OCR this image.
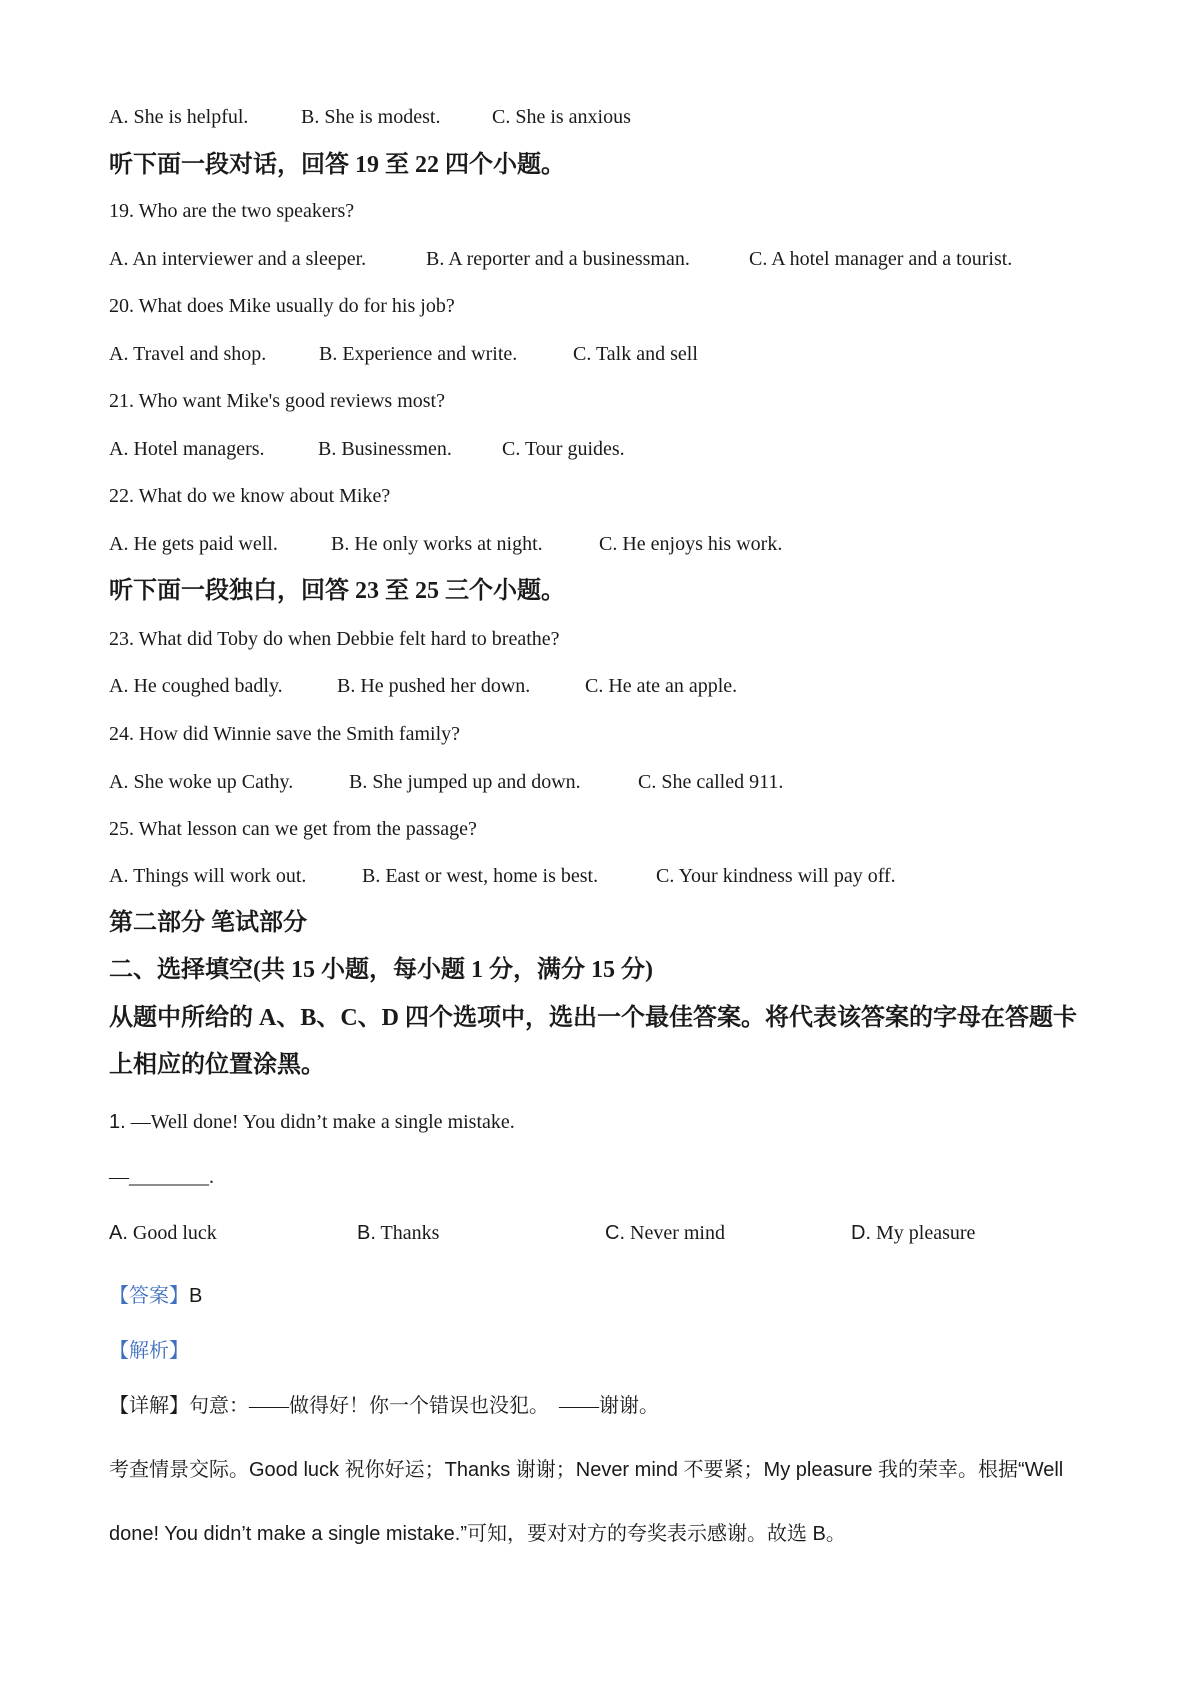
A. She is helpful.	B. She is modest.	C. She is anxious
听下面一段对话，回答 19 至 22 四个小题。
19. Who are the two speakers?
A. An interviewer and a sleeper.	B. A reporter and a businessman.	C. A hotel manager and a tourist.
20. What does Mike usually do for his job?
A. Travel and shop.	B. Experience and write.	C. Talk and sell
21. Who want Mike's good reviews most?
A. Hotel managers.	B. Businessmen.	C. Tour guides.
22. What do we know about Mike?
A. He gets paid well.	B. He only works at night.	C. He enjoys his work.
听下面一段独白，回答 23 至 25 三个小题。
23. What did Toby do when Debbie felt hard to breathe?
A. He coughed badly.	B. He pushed her down.	C. He ate an apple.
24. How did Winnie save the Smith family?
A. She woke up Cathy.	B. She jumped up and down.	C. She called 911.
25. What lesson can we get from the passage?
A. Things will work out.	B. East or west, home is best.	C. Your kindness will pay off.
第二部分 笔试部分
二、选择填空(共 15 小题，每小题 1 分，满分 15 分)
从题中所给的 A、B、C、D 四个选项中，选出一个最佳答案。将代表该答案的字母在答题卡
上相应的位置涂黑。
1. —Well done! You didn’t make a single mistake.
—________.
A. Good luck	B. Thanks	C. Never mind	D. My pleasure
【答案】B
【解析】
【详解】句意：——做得好！你一个错误也没犯。  ——谢谢。
考查情景交际。Good luck 祝你好运；Thanks 谢谢；Never mind 不要紧；My pleasure 我的荣幸。根据“Well
done! You didn’t make a single mistake.”可知，要对对方的夸奖表示感谢。故选 B。
